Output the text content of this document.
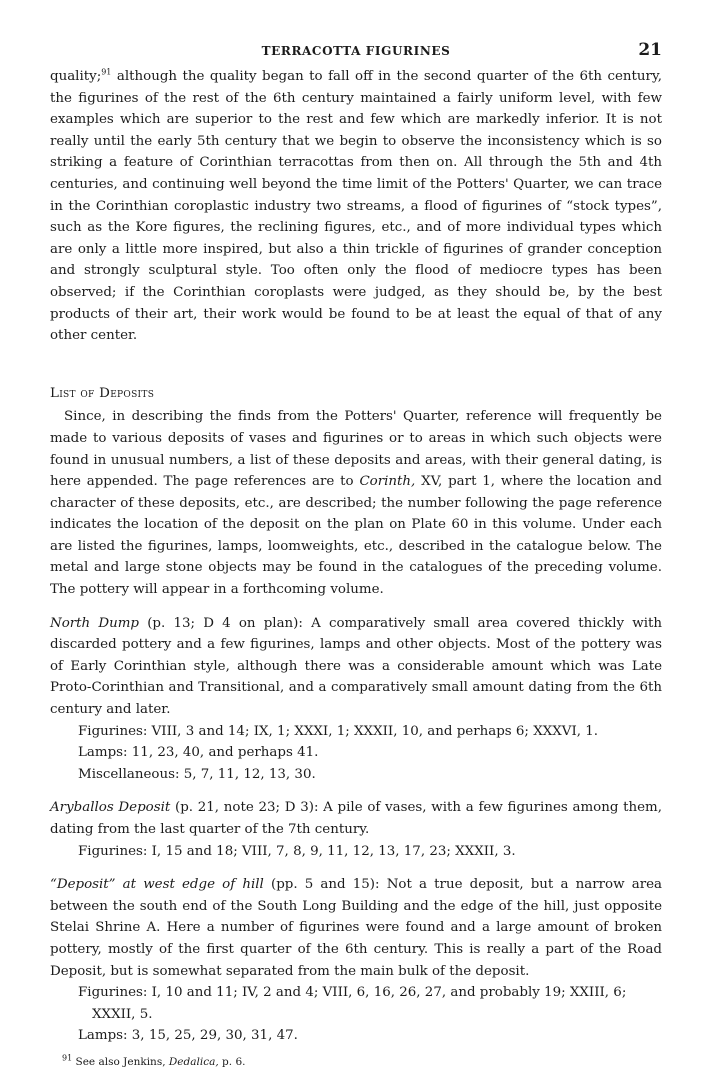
TERRACOTTA FIGURINES	21

quality;$^{91}$ although the quality began to fall off in the second quarter of the 6th century, the figurines of the rest of the 6th century maintained a fairly uniform level, with few examples which are superior to the rest and few which are markedly inferior. It is not really until the early 5th century that we begin to observe the inconsistency which is so striking a feature of Corinthian terracottas from then on. All through the 5th and 4th centuries, and continuing well beyond the time limit of the Potters' Quarter, we can trace in the Corinthian coroplastic industry two streams, a flood of figurines of “stock types”, such as the Kore figures, the reclining figures, etc., and of more individual types which are only a little more inspired, but also a thin trickle of figurines of grander conception and strongly sculptural style. Too often only the flood of mediocre types has been observed; if the Corinthian coroplasts were judged, as they should be, by the best products of their art, their work would be found to be at least the equal of that of any other center.

List of Deposits

Since, in describing the finds from the Potters' Quarter, reference will frequently be made to various deposits of vases and figurines or to areas in which such objects were found in unusual numbers, a list of these deposits and areas, with their general dating, is here appended. The page references are to Corinth, XV, part 1, where the location and character of these deposits, etc., are described; the number following the page reference indicates the location of the deposit on the plan on Plate 60 in this volume. Under each are listed the figurines, lamps, loomweights, etc., described in the catalogue below. The metal and large stone objects may be found in the catalogues of the preceding volume. The pottery will appear in a forthcoming volume.

North Dump (p. 13; D 4 on plan): A comparatively small area covered thickly with discarded pottery and a few figurines, lamps and other objects. Most of the pottery was of Early Corinthian style, although there was a considerable amount which was Late Proto-Corinthian and Transitional, and a comparatively small amount dating from the 6th century and later.

Figurines: VIII, 3 and 14; IX, 1; XXXI, 1; XXXII, 10, and perhaps 6; XXXVI, 1.
Lamps: 11, 23, 40, and perhaps 41.
Miscellaneous: 5, 7, 11, 12, 13, 30.

Aryballos Deposit (p. 21, note 23; D 3): A pile of vases, with a few figurines among them, dating from the last quarter of the 7th century.

Figurines: I, 15 and 18; VIII, 7, 8, 9, 11, 12, 13, 17, 23; XXXII, 3.

“Deposit” at west edge of hill (pp. 5 and 15): Not a true deposit, but a narrow area between the south end of the South Long Building and the edge of the hill, just opposite Stelai Shrine A. Here a number of figurines were found and a large amount of broken pottery, mostly of the first quarter of the 6th century. This is really a part of the Road Deposit, but is somewhat separated from the main bulk of the deposit.

Figurines: I, 10 and 11; IV, 2 and 4; VIII, 6, 16, 26, 27, and probably 19; XXIII, 6;
XXXII, 5.
Lamps: 3, 15, 25, 29, 30, 31, 47.
$^{91}$ See also Jenkins, Dedalica, p. 6.
